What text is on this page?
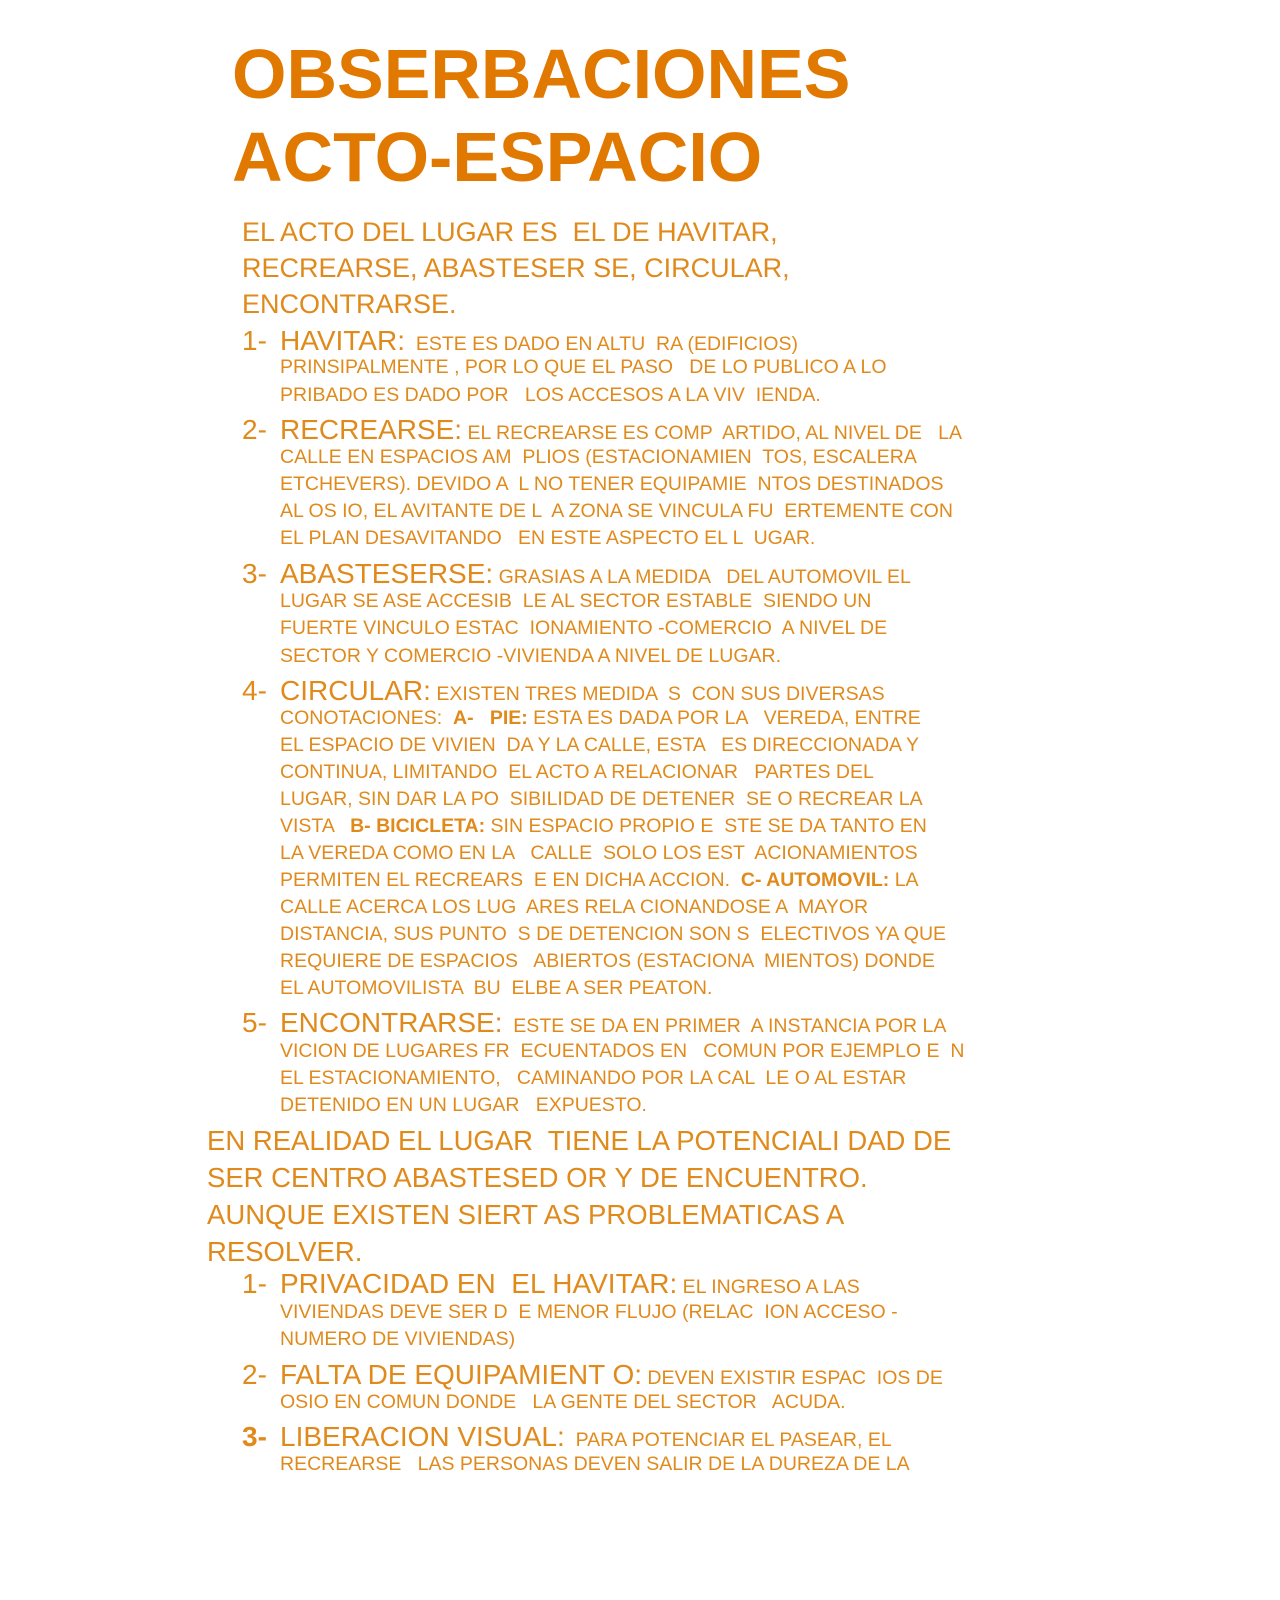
OBSERBACIONES
ACTO-ESPACIO
EL ACTO DEL LUGAR ES  EL DE HAVITAR,
RECREARSE, ABASTESER SE, CIRCULAR,
ENCONTRARSE.
1- HAVITAR:  ESTE ES DADO EN ALTU  RA (EDIFICIOS)
PRINSIPALMENTE , POR LO QUE EL PASO   DE LO PUBLICO A LO
PRIBADO ES DADO POR   LOS ACCESOS A LA VIV  IENDA.
2- RECREARSE: EL RECREARSE ES COMP  ARTIDO, AL NIVEL DE   LA
CALLE EN ESPACIOS AM  PLIOS (ESTACIONAMIEN  TOS, ESCALERA
ETCHEVERS). DEVIDO A  L NO TENER EQUIPAMIE  NTOS DESTINADOS
AL OS IO, EL AVITANTE DE L  A ZONA SE VINCULA FU  ERTEMENTE CON
EL PLAN DESAVITANDO   EN ESTE ASPECTO EL L  UGAR.
3- ABASTESERSE: GRASIAS A LA MEDIDA   DEL AUTOMOVIL EL
LUGAR SE ASE ACCESIB  LE AL SECTOR ESTABLE  SIENDO UN
FUERTE VINCULO ESTAC  IONAMIENTO -COMERCIO  A NIVEL DE
SECTOR Y COMERCIO -VIVIENDA A NIVEL DE LUGAR.
4- CIRCULAR: EXISTEN TRES MEDIDA  S  CON SUS DIVERSAS
CONOTACIONES:  A-   PIE: ESTA ES DADA POR LA   VEREDA, ENTRE
EL ESPACIO DE VIVIEN  DA Y LA CALLE, ESTA   ES DIRECCIONADA Y
CONTINUA, LIMITANDO  EL ACTO A RELACIONAR   PARTES DEL
LUGAR, SIN DAR LA PO  SIBILIDAD DE DETENER  SE O RECREAR LA
VISTA   B- BICICLETA: SIN ESPACIO PROPIO E  STE SE DA TANTO EN
LA VEREDA COMO EN LA   CALLE  SOLO LOS EST  ACIONAMIENTOS
PERMITEN EL RECREARS  E EN DICHA ACCION.  C- AUTOMOVIL: LA
CALLE ACERCA LOS LUG  ARES RELA CIONANDOSE A  MAYOR
DISTANCIA, SUS PUNTO  S DE DETENCION SON S  ELECTIVOS YA QUE
REQUIERE DE ESPACIOS   ABIERTOS (ESTACIONA  MIENTOS) DONDE
EL AUTOMOVILISTA  BU  ELBE A SER PEATON.
5- ENCONTRARSE:  ESTE SE DA EN PRIMER  A INSTANCIA POR LA
VICION DE LUGARES FR  ECUENTADOS EN   COMUN POR EJEMPLO E  N
EL ESTACIONAMIENTO,   CAMINANDO POR LA CAL  LE O AL ESTAR
DETENIDO EN UN LUGAR   EXPUESTO.
EN REALIDAD EL LUGAR  TIENE LA POTENCIALI DAD DE
SER CENTRO ABASTESED OR Y DE ENCUENTRO.
AUNQUE EXISTEN SIERT AS PROBLEMATICAS A
RESOLVER.
1- PRIVACIDAD EN  EL HAVITAR: EL INGRESO A LAS
VIVIENDAS DEVE SER D  E MENOR FLUJO (RELAC  ION ACCESO -
NUMERO DE VIVIENDAS)
2- FALTA DE EQUIPAMIENT O: DEVEN EXISTIR ESPAC  IOS DE
OSIO EN COMUN DONDE   LA GENTE DEL SECTOR   ACUDA.
3- LIBERACION VISUAL:  PARA POTENCIAR EL PASEAR, EL
RECREARSE   LAS PERSONAS DEVEN SALIR DE LA DUREZA DE LA
